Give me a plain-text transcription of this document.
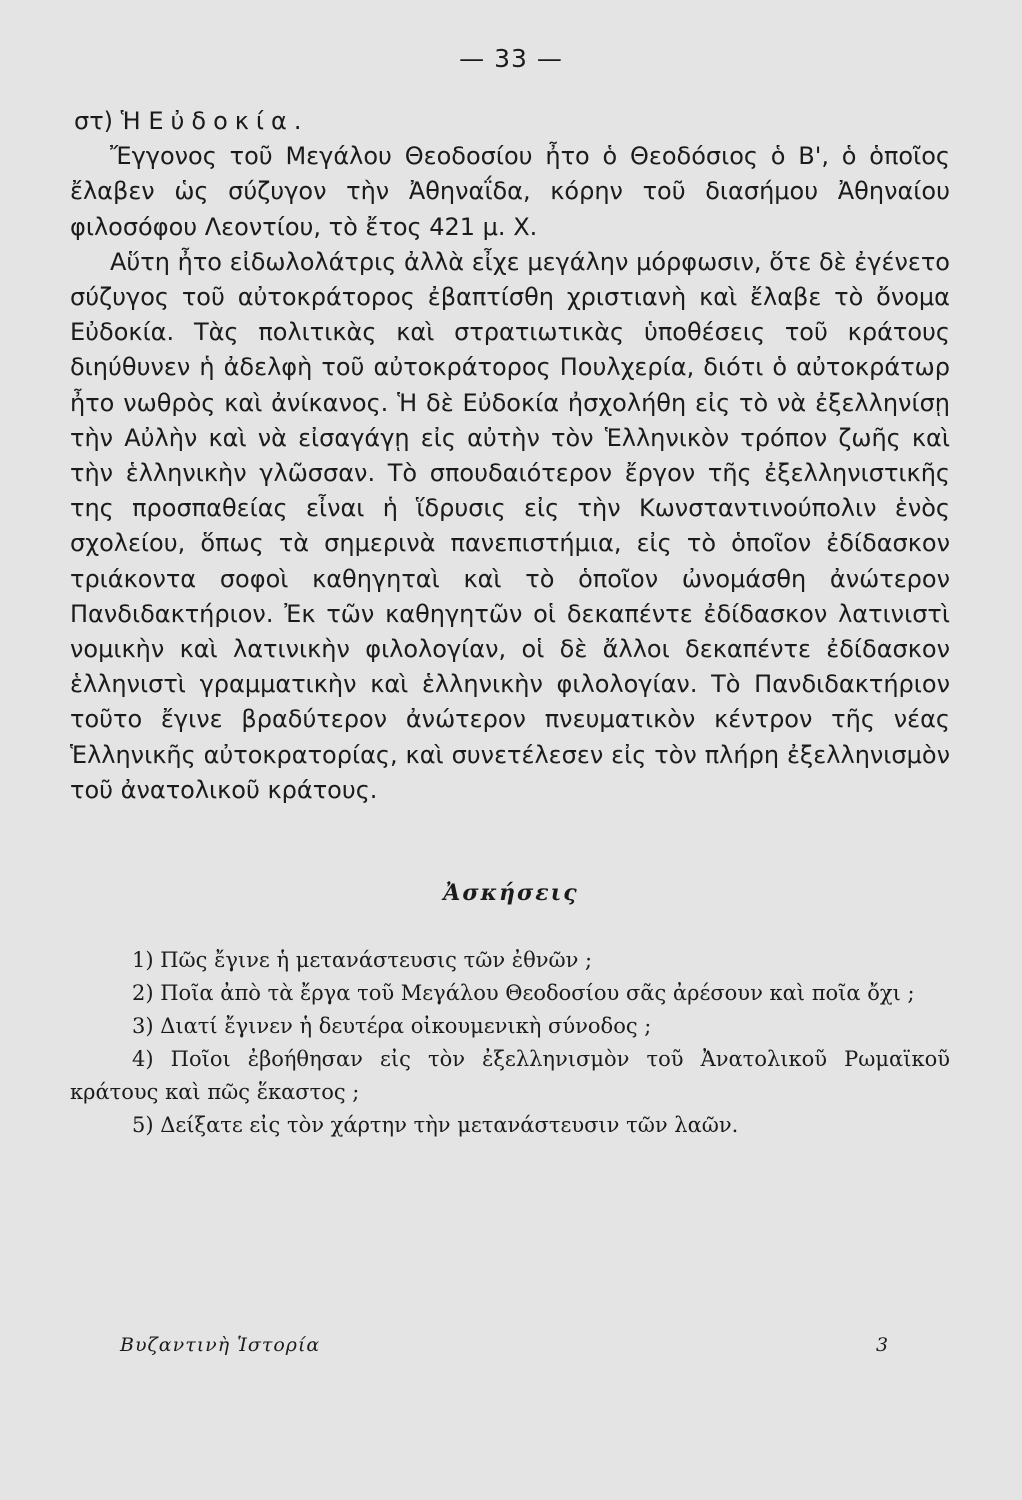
— 33 —
στ) Ἡ Εὐδοκία.

Ἔγγονος τοῦ Μεγάλου Θεοδοσίου ἦτο ὁ Θεοδόσιος ὁ Β', ὁ ὁποῖος ἔλαβεν ὡς σύζυγον τὴν Ἀθηναΐδα, κόρην τοῦ διασήμου Ἀθηναίου φιλοσόφου Λεοντίου, τὸ ἔτος 421 μ. Χ.

Αὕτη ἦτο εἰδωλολάτρις ἀλλὰ εἶχε μεγάλην μόρφωσιν, ὅτε δὲ ἐγένετο σύζυγος τοῦ αὐτοκράτορος ἐβαπτίσθη χριστιανὴ καὶ ἔλαβε τὸ ὄνομα Εὐδοκία. Τὰς πολιτικὰς καὶ στρατιωτικὰς ὑποθέσεις τοῦ κράτους διηύθυνεν ἡ ἀδελφὴ τοῦ αὐτοκράτορος Πουλχερία, διότι ὁ αὐτοκράτωρ ἦτο νωθρὸς καὶ ἀνίκανος. Ἡ δὲ Εὐδοκία ἠσχολήθη εἰς τὸ νὰ ἐξελληνίσῃ τὴν Αὐλὴν καὶ νὰ εἰσαγάγῃ εἰς αὐτὴν τὸν Ἑλληνικὸν τρόπον ζωῆς καὶ τὴν ἑλληνικὴν γλῶσσαν. Τὸ σπουδαιότερον ἔργον τῆς ἐξελληνιστικῆς της προσπαθείας εἶναι ἡ ἵδρυσις εἰς τὴν Κωνσταντινούπολιν ἑνὸς σχολείου, ὅπως τὰ σημερινὰ πανεπιστήμια, εἰς τὸ ὁποῖον ἐδίδασκον τριάκοντα σοφοὶ καθηγηταὶ καὶ τὸ ὁποῖον ὠνομάσθη ἀνώτερον Πανδιδακτήριον. Ἐκ τῶν καθηγητῶν οἱ δεκαπέντε ἐδίδασκον λατινιστὶ νομικὴν καὶ λατινικὴν φιλολογίαν, οἱ δὲ ἄλλοι δεκαπέντε ἐδίδασκον ἑλληνιστὶ γραμματικὴν καὶ ἑλληνικὴν φιλολογίαν. Τὸ Πανδιδακτήριον τοῦτο ἔγινε βραδύτερον ἀνώτερον πνευματικὸν κέντρον τῆς νέας Ἑλληνικῆς αὐτοκρατορίας, καὶ συνετέλεσεν εἰς τὸν πλήρη ἐξελληνισμὸν τοῦ ἀνατολικοῦ κράτους.

Ἀσκήσεις

1) Πῶς ἔγινε ἡ μετανάστευσις τῶν ἐθνῶν ;

2) Ποῖα ἀπὸ τὰ ἔργα τοῦ Μεγάλου Θεοδοσίου σᾶς ἀρέσουν καὶ ποῖα ὄχι ;

3) Διατί ἔγινεν ἡ δευτέρα οἰκουμενικὴ σύνοδος ;

4) Ποῖοι ἐβοήθησαν εἰς τὸν ἐξελληνισμὸν τοῦ Ἀνατολικοῦ Ρωμαϊκοῦ κράτους καὶ πῶς ἕκαστος ;

5) Δείξατε εἰς τὸν χάρτην τὴν μετανάστευσιν τῶν λαῶν.

Βυζαντινὴ Ἱστορία	3
